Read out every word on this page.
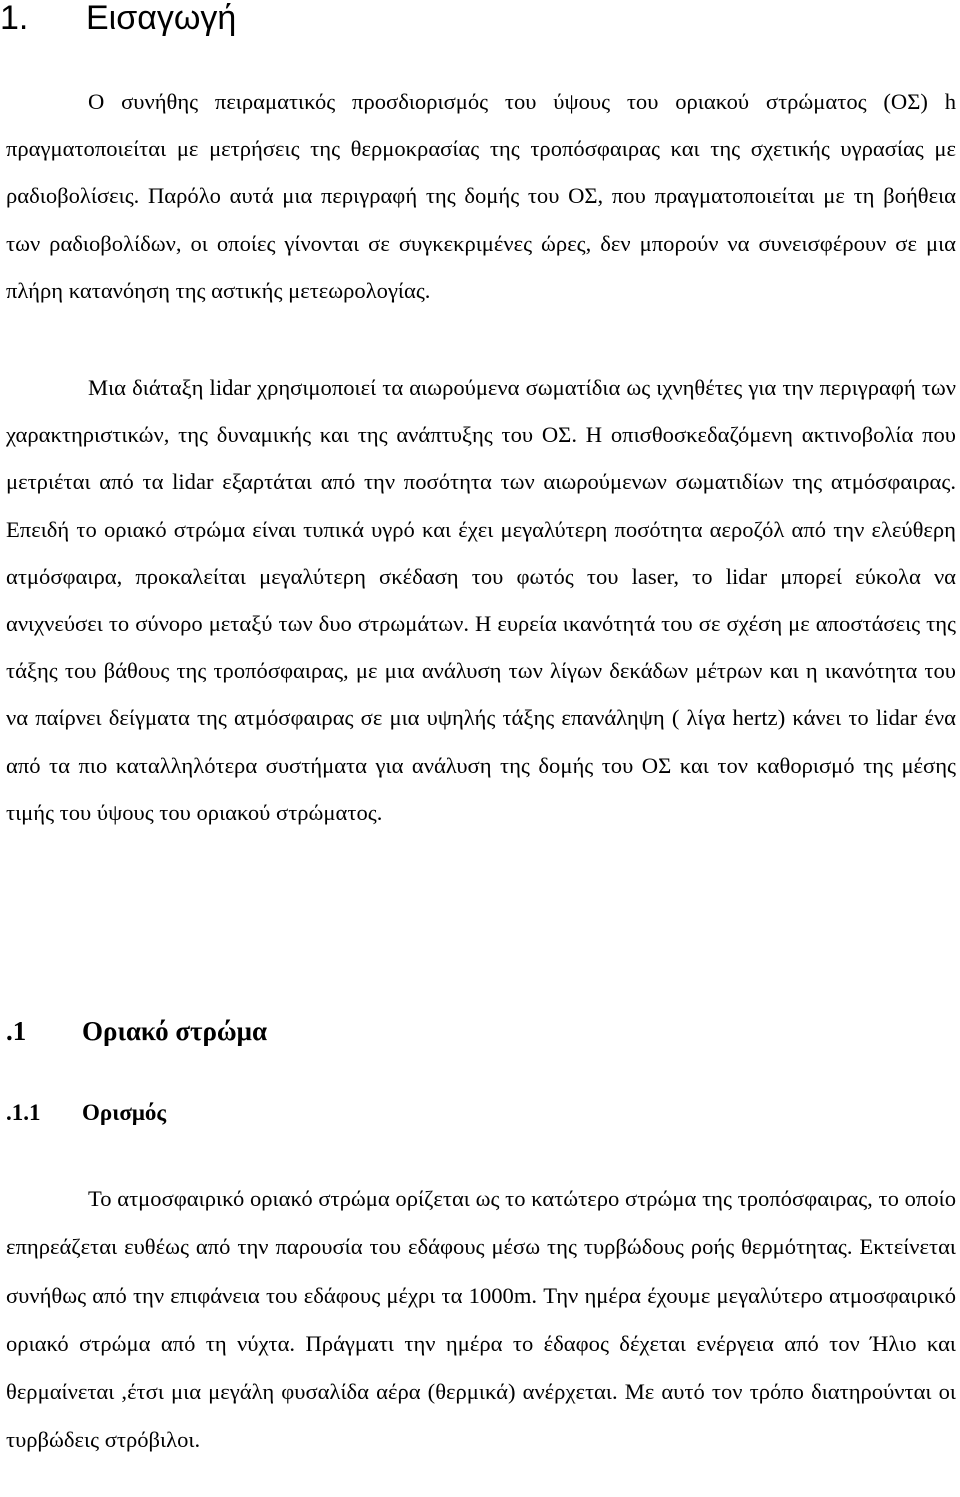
1. Εισαγωγή

Ο συνήθης πειραματικός προσδιορισμός του ύψους του οριακού στρώματος (ΟΣ) h πραγματοποιείται με μετρήσεις της θερμοκρασίας της τροπόσφαιρας και της σχετικής υγρασίας με ραδιοβολίσεις. Παρόλο αυτά μια περιγραφή της δομής του ΟΣ, που πραγματοποιείται με τη βοήθεια των ραδιοβολίδων, οι οποίες γίνονται σε συγκεκριμένες ώρες, δεν μπορούν να συνεισφέρουν σε μια πλήρη κατανόηση της αστικής μετεωρολογίας.

Μια διάταξη lidar χρησιμοποιεί τα αιωρούμενα σωματίδια ως ιχνηθέτες για την περιγραφή των χαρακτηριστικών, της δυναμικής και της ανάπτυξης του ΟΣ. Η οπισθοσκεδαζόμενη ακτινοβολία που μετριέται από τα lidar εξαρτάται από την ποσότητα των αιωρούμενων σωματιδίων της ατμόσφαιρας. Επειδή το οριακό στρώμα είναι τυπικά υγρό και έχει μεγαλύτερη ποσότητα αεροζόλ από την ελεύθερη ατμόσφαιρα, προκαλείται μεγαλύτερη σκέδαση του φωτός του laser, το lidar μπορεί εύκολα να ανιχνεύσει το σύνορο μεταξύ των δυο στρωμάτων. Η ευρεία ικανότητά του σε σχέση με αποστάσεις της τάξης του βάθους της τροπόσφαιρας, με μια ανάλυση των λίγων δεκάδων μέτρων και η ικανότητα του να παίρνει δείγματα της ατμόσφαιρας σε μια υψηλής τάξης επανάληψη ( λίγα hertz) κάνει το lidar ένα από τα πιο καταλληλότερα συστήματα για ανάλυση της δομής του ΟΣ και τον καθορισμό της μέσης τιμής του ύψους του οριακού στρώματος.

.1 Οριακό στρώμα
.1.1 Ορισμός

Το ατμοσφαιρικό οριακό στρώμα ορίζεται ως το κατώτερο στρώμα της τροπόσφαιρας, το οποίο επηρεάζεται ευθέως από την παρουσία του εδάφους μέσω της τυρβώδους ροής θερμότητας. Εκτείνεται συνήθως από την επιφάνεια του εδάφους μέχρι τα 1000m. Την ημέρα έχουμε μεγαλύτερο ατμοσφαιρικό οριακό στρώμα από τη νύχτα. Πράγματι την ημέρα το έδαφος δέχεται ενέργεια από τον Ήλιο και θερμαίνεται ,έτσι μια μεγάλη φυσαλίδα αέρα (θερμικά) ανέρχεται. Με αυτό τον τρόπο διατηρούνται οι τυρβώδεις στρόβιλοι.
